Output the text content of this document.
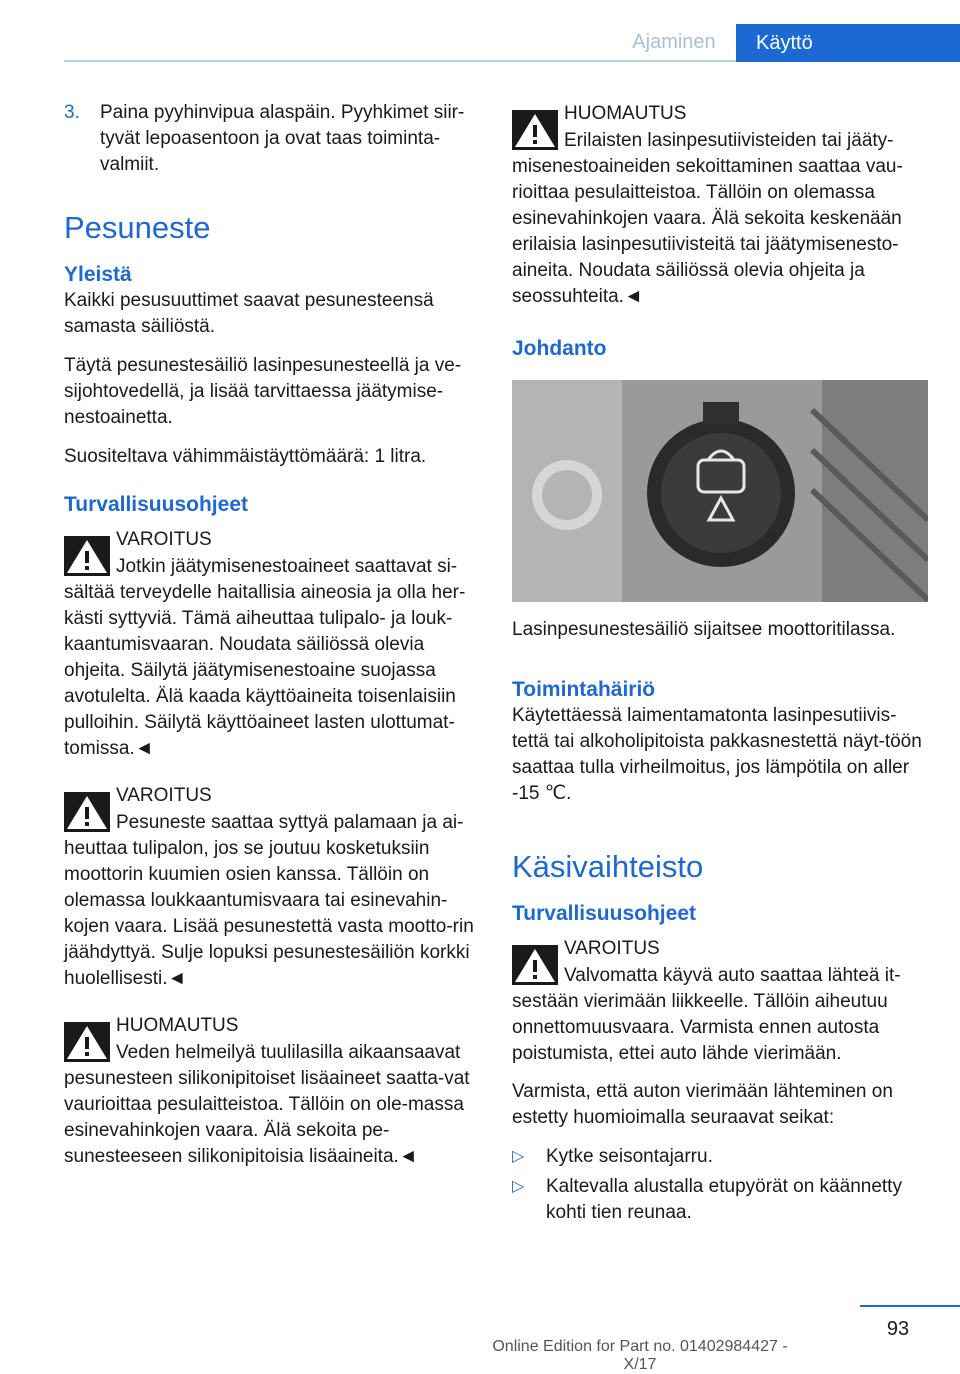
Ajaminen	Käyttö
3.	Paina pyyhinvipua alaspäin. Pyyhkimet siir-tyvät lepoasentoon ja ovat taas toiminta-valmiit.
Pesuneste
Yleistä

Kaikki pesusuuttimet saavat pesunesteensä samasta säiliöstä.

Täytä pesunestesäiliö lasinpesunesteellä ja ve-sijohtovedellä, ja lisää tarvittaessa jäätymise-nestoainetta.

Suositeltava vähimmäistäyttömäärä: 1 litra.

Turvallisuusohjeet

VAROITUS

Jotkin jäätymisenestoaineet saattavat si-sältää terveydelle haitallisia aineosia ja olla her-kästi syttyviä. Tämä aiheuttaa tulipalo- ja louk-kaantumisvaaran. Noudata säiliössä olevia ohjeita. Säilytä jäätymisenestoaine suojassa avotulelta. Älä kaada käyttöaineita toisenlaisiin pulloihin. Säilytä käyttöaineet lasten ulottumat-tomissa.◄

VAROITUS

Pesuneste saattaa syttyä palamaan ja ai-heuttaa tulipalon, jos se joutuu kosketuksiin moottorin kuumien osien kanssa. Tällöin on olemassa loukkaantumisvaara tai esinevahin-kojen vaara. Lisää pesunestettä vasta mootto-rin jäähdyttyä. Sulje lopuksi pesunestesäiliön korkki huolellisesti.◄

HUOMAUTUS

Veden helmeilyä tuulilasilla aikaansaavat pesunesteen silikonipitoiset lisäaineet saatta-vat vaurioittaa pesulaitteistoa. Tällöin on ole-massa esinevahinkojen vaara. Älä sekoita pe-sunesteeseen silikonipitoisia lisäaineita.◄

HUOMAUTUS

Erilaisten lasinpesutiivisteiden tai jääty-misenestoaineiden sekoittaminen saattaa vau-rioittaa pesulaitteistoa. Tällöin on olemassa esinevahinkojen vaara. Älä sekoita keskenään erilaisia lasinpesutiivisteitä tai jäätymisenesto-aineita. Noudata säiliössä olevia ohjeita ja seossuhteita.◄

Johdanto

Lasinpesunestesäiliö sijaitsee moottoritilassa.

Toimintahäiriö

Käytettäessä laimentamatonta lasinpesutiivis-tettä tai alkoholipitoista pakkasnestettä näyt-töön saattaa tulla virheilmoitus, jos lämpötila on aller -15 ℃.

Käsivaihteisto
Turvallisuusohjeet

VAROITUS

Valvomatta käyvä auto saattaa lähteä it-sestään vierimään liikkeelle. Tällöin aiheutuu onnettomuusvaara. Varmista ennen autosta poistumista, ettei auto lähde vierimään.

Varmista, että auton vierimään lähteminen on estetty huomioimalla seuraavat seikat:

▷	Kytke seisontajarru.
▷	Kaltevalla alustalla etupyörät on käännetty kohti tien reunaa.
93
Online Edition for Part no. 01402984427 - X/17
